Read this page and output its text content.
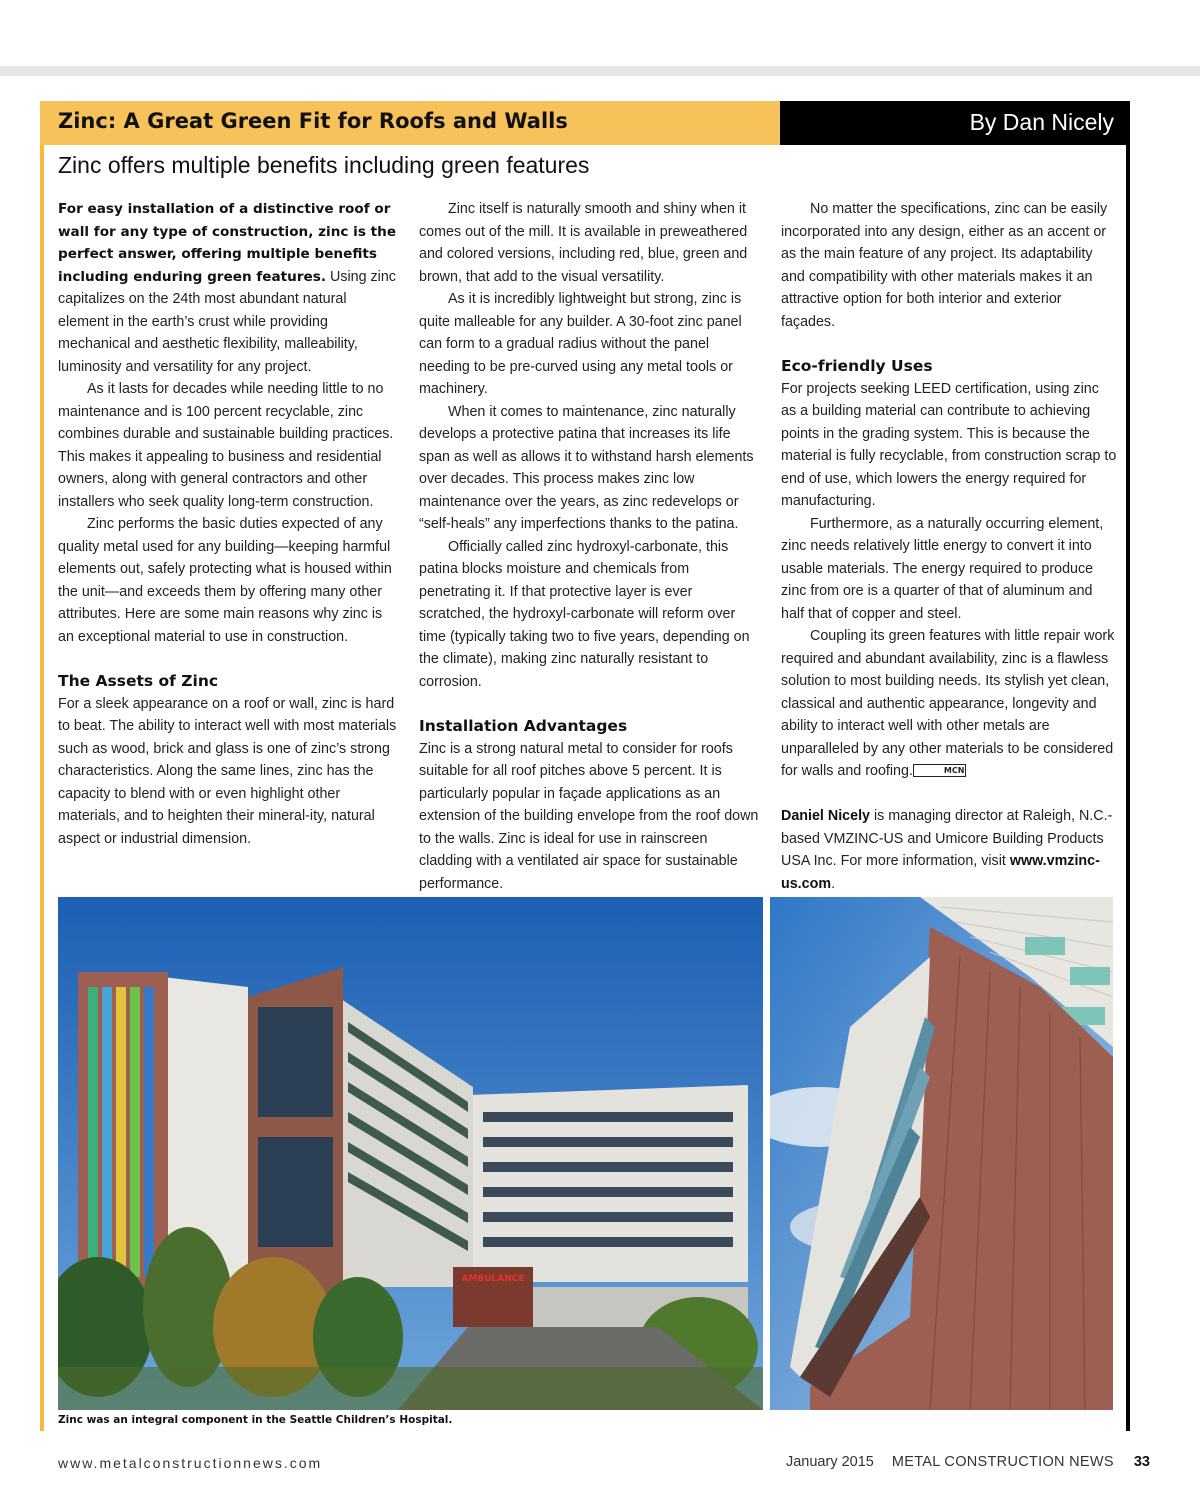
Zinc: A Great Green Fit for Roofs and Walls	By Dan Nicely
Zinc offers multiple benefits including green features

For easy installation of a distinctive roof or wall for any type of construction, zinc is the perfect answer, offering multiple benefits including enduring green features. Using zinc capitalizes on the 24th most abundant natural element in the earth’s crust while providing mechanical and aesthetic flexibility, malleability, luminosity and versatility for any project.

As it lasts for decades while needing little to no maintenance and is 100 percent recyclable, zinc combines durable and sustainable building practices. This makes it appealing to business and residential owners, along with general contractors and other installers who seek quality long-term construction.

Zinc performs the basic duties expected of any quality metal used for any building—keeping harmful elements out, safely protecting what is housed within the unit—and exceeds them by offering many other attributes. Here are some main reasons why zinc is an exceptional material to use in construction.

The Assets of Zinc

For a sleek appearance on a roof or wall, zinc is hard to beat. The ability to interact well with most materials such as wood, brick and glass is one of zinc’s strong characteristics. Along the same lines, zinc has the capacity to blend with or even highlight other materials, and to heighten their mineral-ity, natural aspect or industrial dimension.

Zinc itself is naturally smooth and shiny when it comes out of the mill. It is available in preweathered and colored versions, including red, blue, green and brown, that add to the visual versatility.

As it is incredibly lightweight but strong, zinc is quite malleable for any builder. A 30-foot zinc panel can form to a gradual radius without the panel needing to be pre-curved using any metal tools or machinery.

When it comes to maintenance, zinc naturally develops a protective patina that increases its life span as well as allows it to withstand harsh elements over decades. This process makes zinc low maintenance over the years, as zinc redevelops or “self-heals” any imperfections thanks to the patina.

Officially called zinc hydroxyl-carbonate, this patina blocks moisture and chemicals from penetrating it. If that protective layer is ever scratched, the hydroxyl-carbonate will reform over time (typically taking two to five years, depending on the climate), making zinc naturally resistant to corrosion.

Installation Advantages

Zinc is a strong natural metal to consider for roofs suitable for all roof pitches above 5 percent. It is particularly popular in façade applications as an extension of the building envelope from the roof down to the walls. Zinc is ideal for use in rainscreen cladding with a ventilated air space for sustainable performance.

No matter the specifications, zinc can be easily incorporated into any design, either as an accent or as the main feature of any project. Its adaptability and compatibility with other materials makes it an attractive option for both interior and exterior façades.

Eco-friendly Uses

For projects seeking LEED certification, using zinc as a building material can contribute to achieving points in the grading system. This is because the material is fully recyclable, from construction scrap to end of use, which lowers the energy required for manufacturing.

Furthermore, as a naturally occurring element, zinc needs relatively little energy to convert it into usable materials. The energy required to produce zinc from ore is a quarter of that of aluminum and half that of copper and steel.

Coupling its green features with little repair work required and abundant availability, zinc is a flawless solution to most building needs. Its stylish yet clean, classical and authentic appearance, longevity and ability to interact well with other metals are unparalleled by any other materials to be considered for walls and roofing.	MCN

Daniel Nicely is managing director at Raleigh, N.C.-based VMZINC-US and Umicore Building Products USA Inc. For more information, visit www.vmzinc-us.com.

AMBULANCE
Zinc was an integral component in the Seattle Children’s Hospital.
www.metalconstructionnews.com	January 2015 METAL CONSTRUCTION NEWS 33
